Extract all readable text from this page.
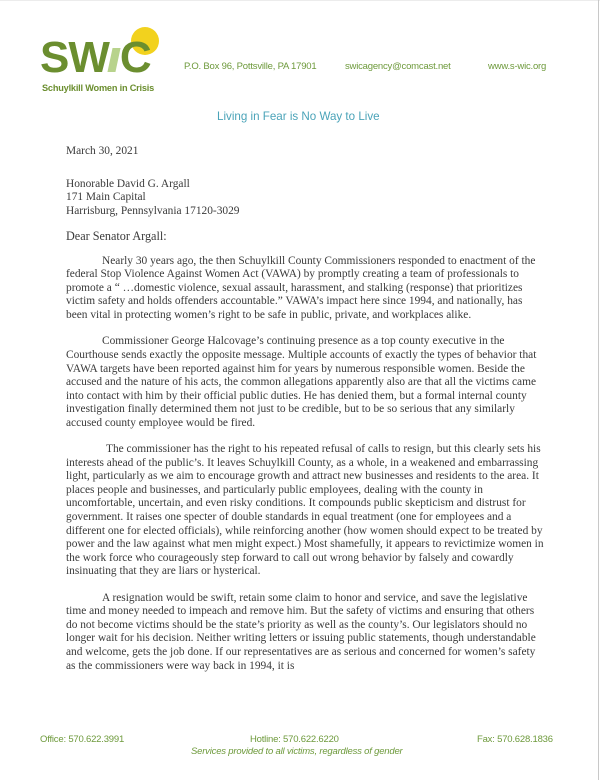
SW C
Schuylkill Women in Crisis
P.O. Box 96, Pottsville, PA 17901	swicagency@comcast.net	www.s-wic.org
Living in Fear is No Way to Live
March 30, 2021
Honorable David G. Argall
171 Main Capital
Harrisburg, Pennsylvania 17120-3029
Dear Senator Argall:

Nearly 30 years ago, the then Schuylkill County Commissioners responded to enactment of the federal Stop Violence Against Women Act (VAWA) by promptly creating a team of professionals to promote a “ …domestic violence, sexual assault, harassment, and stalking (response) that prioritizes victim safety and holds offenders accountable.” VAWA’s impact here since 1994, and nationally, has been vital in protecting women’s right to be safe in public, private, and workplaces alike.

Commissioner George Halcovage’s continuing presence as a top county executive in the Courthouse sends exactly the opposite message. Multiple accounts of exactly the types of behavior that VAWA targets have been reported against him for years by numerous responsible women. Beside the accused and the nature of his acts, the common allegations apparently also are that all the victims came into contact with him by their official public duties. He has denied them, but a formal internal county investigation finally determined them not just to be credible, but to be so serious that any similarly accused county employee would be fired.

The commissioner has the right to his repeated refusal of calls to resign, but this clearly sets his interests ahead of the public’s. It leaves Schuylkill County, as a whole, in a weakened and embarrassing light, particularly as we aim to encourage growth and attract new businesses and residents to the area. It places people and businesses, and particularly public employees, dealing with the county in uncomfortable, uncertain, and even risky conditions. It compounds public skepticism and distrust for government. It raises one specter of double standards in equal treatment (one for employees and a different one for elected officials), while reinforcing another (how women should expect to be treated by power and the law against what men might expect.) Most shamefully, it appears to revictimize women in the work force who courageously step forward to call out wrong behavior by falsely and cowardly insinuating that they are liars or hysterical.

A resignation would be swift, retain some claim to honor and service, and save the legislative time and money needed to impeach and remove him. But the safety of victims and ensuring that others do not become victims should be the state’s priority as well as the county’s. Our legislators should no longer wait for his decision. Neither writing letters or issuing public statements, though understandable and welcome, gets the job done. If our representatives are as serious and concerned for women’s safety as the commissioners were way back in 1994, it is

Office: 570.622.3991	Hotline: 570.622.6220	Fax: 570.628.1836
Services provided to all victims, regardless of gender
